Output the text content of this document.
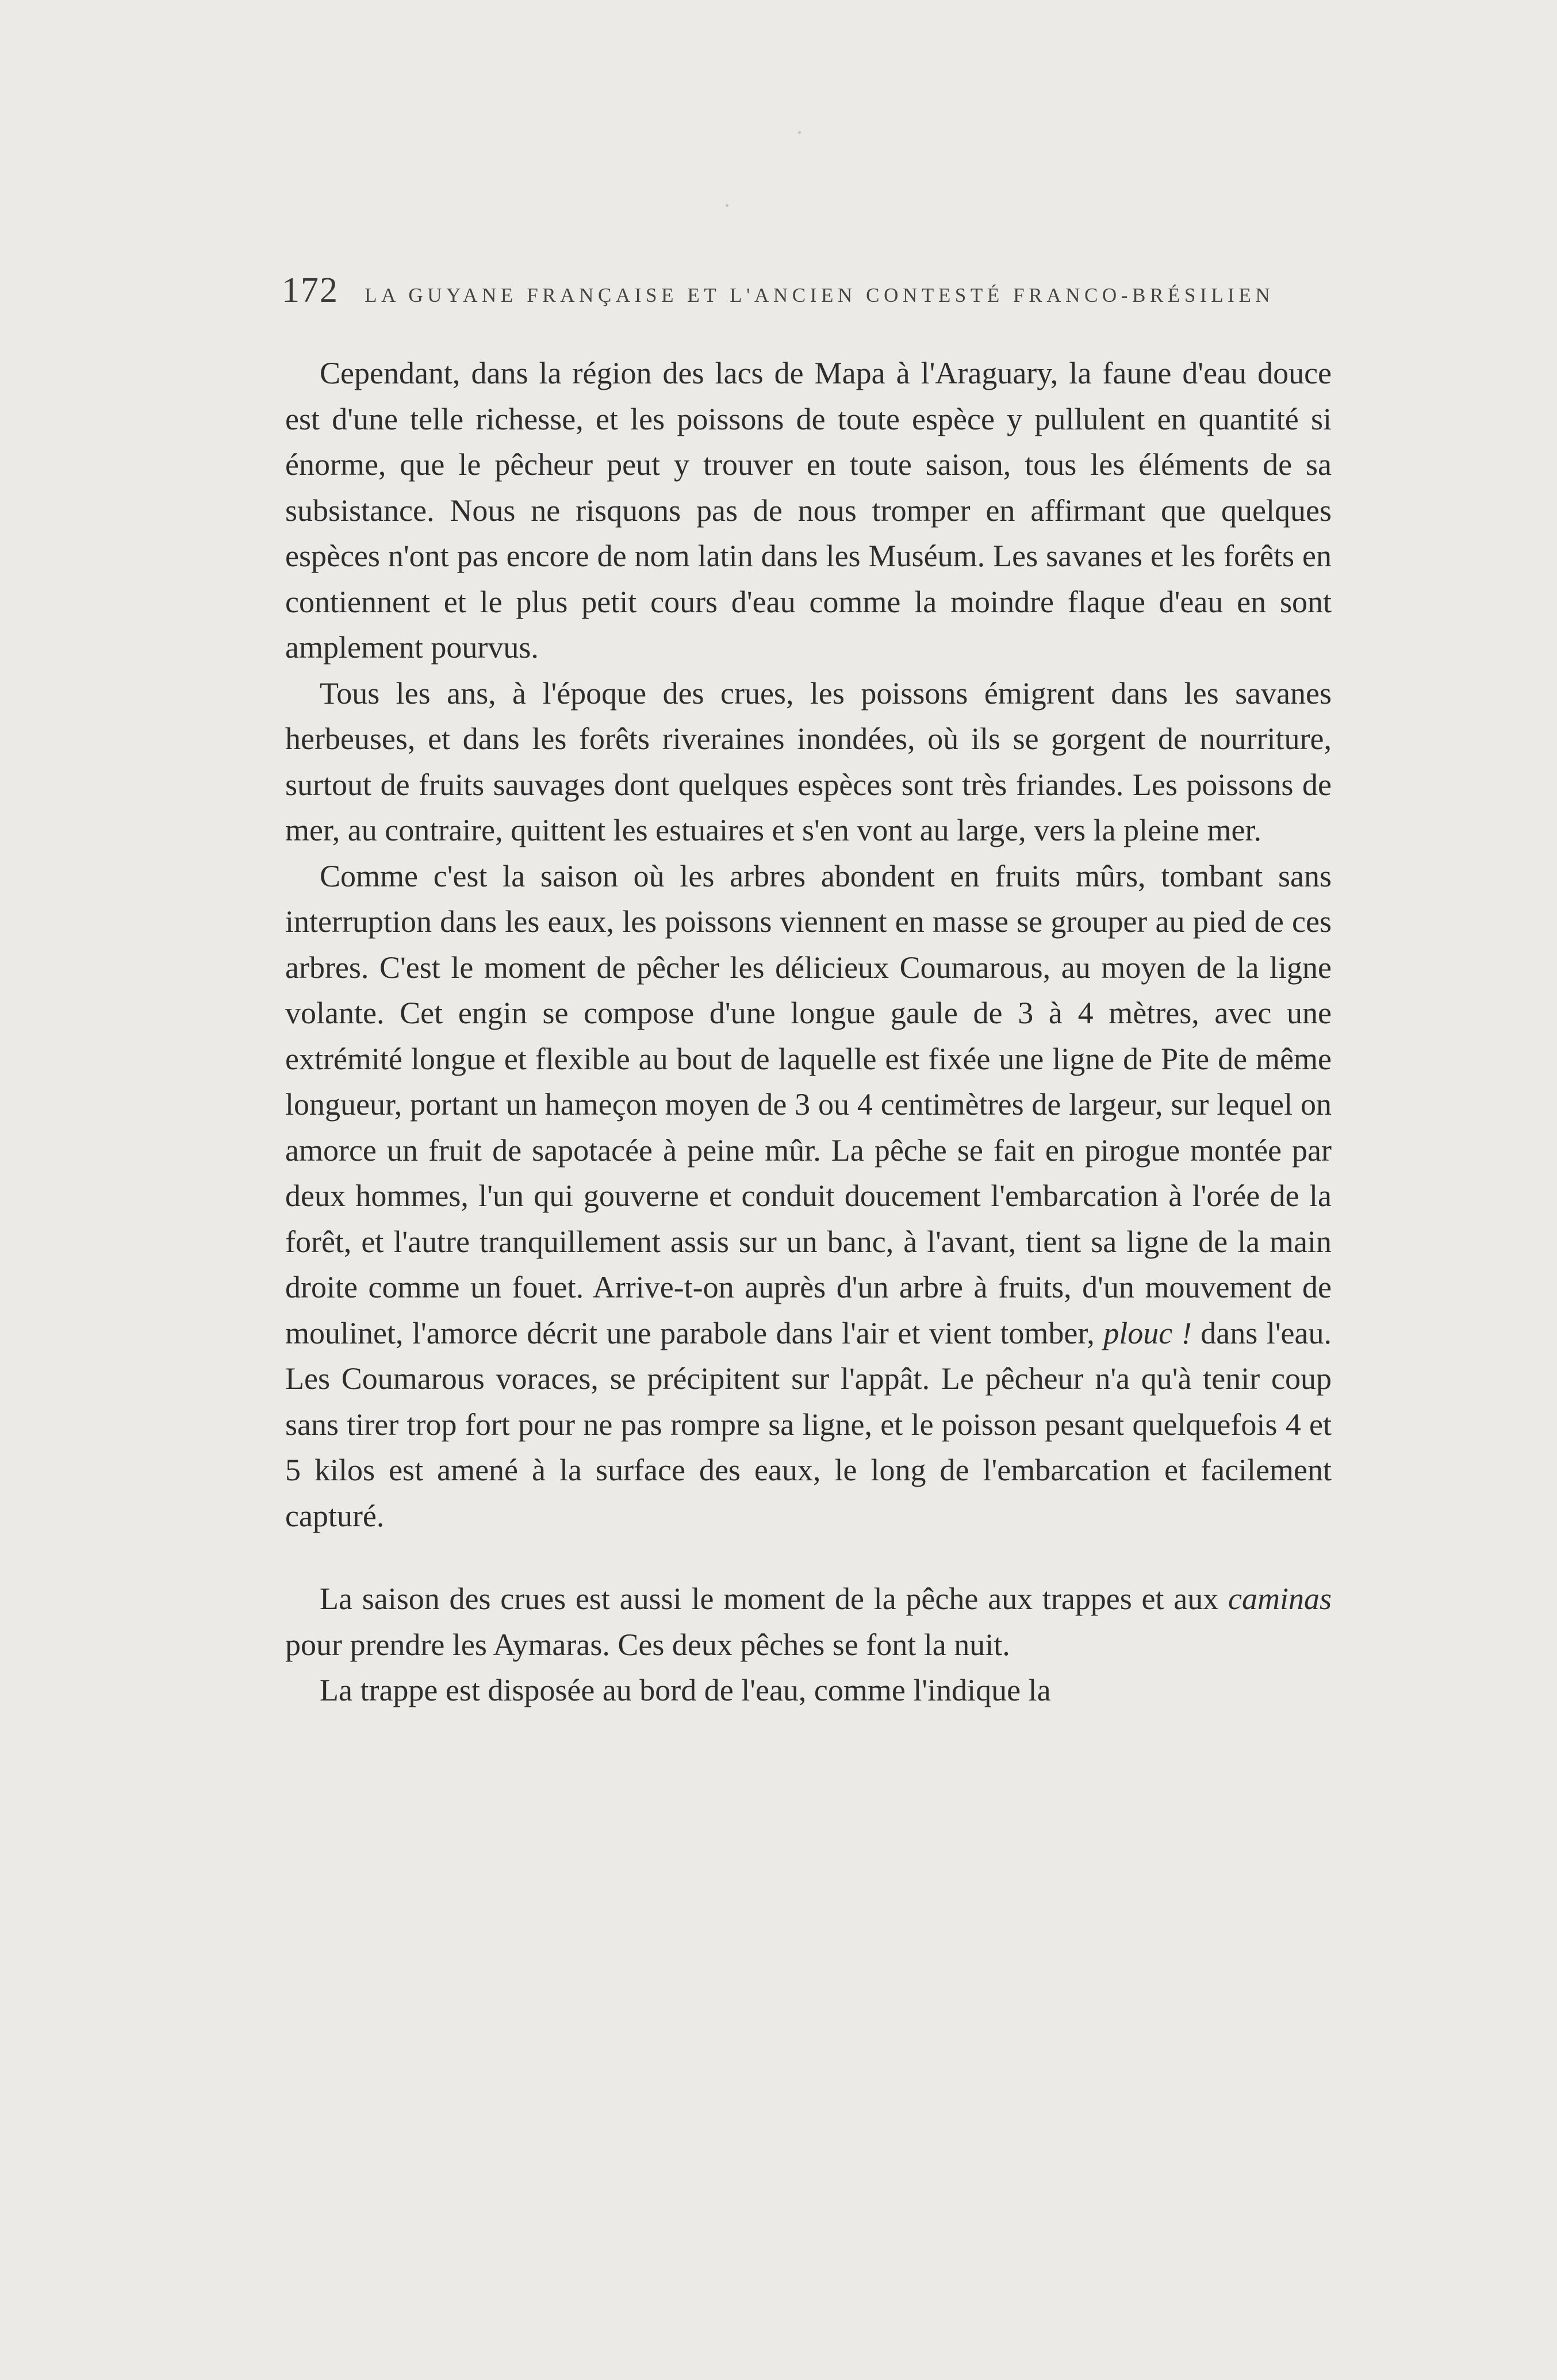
172 LA GUYANE FRANÇAISE ET L'ANCIEN CONTESTÉ FRANCO-BRÉSILIEN

Cependant, dans la région des lacs de Mapa à l'Araguary, la faune d'eau douce est d'une telle richesse, et les poissons de toute espèce y pullulent en quantité si énorme, que le pêcheur peut y trouver en toute saison, tous les éléments de sa subsistance. Nous ne risquons pas de nous tromper en affirmant que quelques espèces n'ont pas encore de nom latin dans les Muséum. Les savanes et les forêts en contiennent et le plus petit cours d'eau comme la moindre flaque d'eau en sont amplement pourvus.

Tous les ans, à l'époque des crues, les poissons émigrent dans les savanes herbeuses, et dans les forêts riveraines inondées, où ils se gorgent de nourriture, surtout de fruits sauvages dont quelques espèces sont très friandes. Les poissons de mer, au contraire, quittent les estuaires et s'en vont au large, vers la pleine mer.

Comme c'est la saison où les arbres abondent en fruits mûrs, tombant sans interruption dans les eaux, les poissons viennent en masse se grouper au pied de ces arbres. C'est le moment de pêcher les délicieux Coumarous, au moyen de la ligne volante. Cet engin se compose d'une longue gaule de 3 à 4 mètres, avec une extrémité longue et flexible au bout de laquelle est fixée une ligne de Pite de même longueur, portant un hameçon moyen de 3 ou 4 centimètres de largeur, sur lequel on amorce un fruit de sapotacée à peine mûr. La pêche se fait en pirogue montée par deux hommes, l'un qui gouverne et conduit doucement l'embarcation à l'orée de la forêt, et l'autre tranquillement assis sur un banc, à l'avant, tient sa ligne de la main droite comme un fouet. Arrive-t-on auprès d'un arbre à fruits, d'un mouvement de moulinet, l'amorce décrit une parabole dans l'air et vient tomber, plouc ! dans l'eau. Les Coumarous voraces, se précipitent sur l'appât. Le pêcheur n'a qu'à tenir coup sans tirer trop fort pour ne pas rompre sa ligne, et le poisson pesant quelquefois 4 et 5 kilos est amené à la surface des eaux, le long de l'embarcation et facilement capturé.

La saison des crues est aussi le moment de la pêche aux trappes et aux caminas pour prendre les Aymaras. Ces deux pêches se font la nuit.

La trappe est disposée au bord de l'eau, comme l'indique la
